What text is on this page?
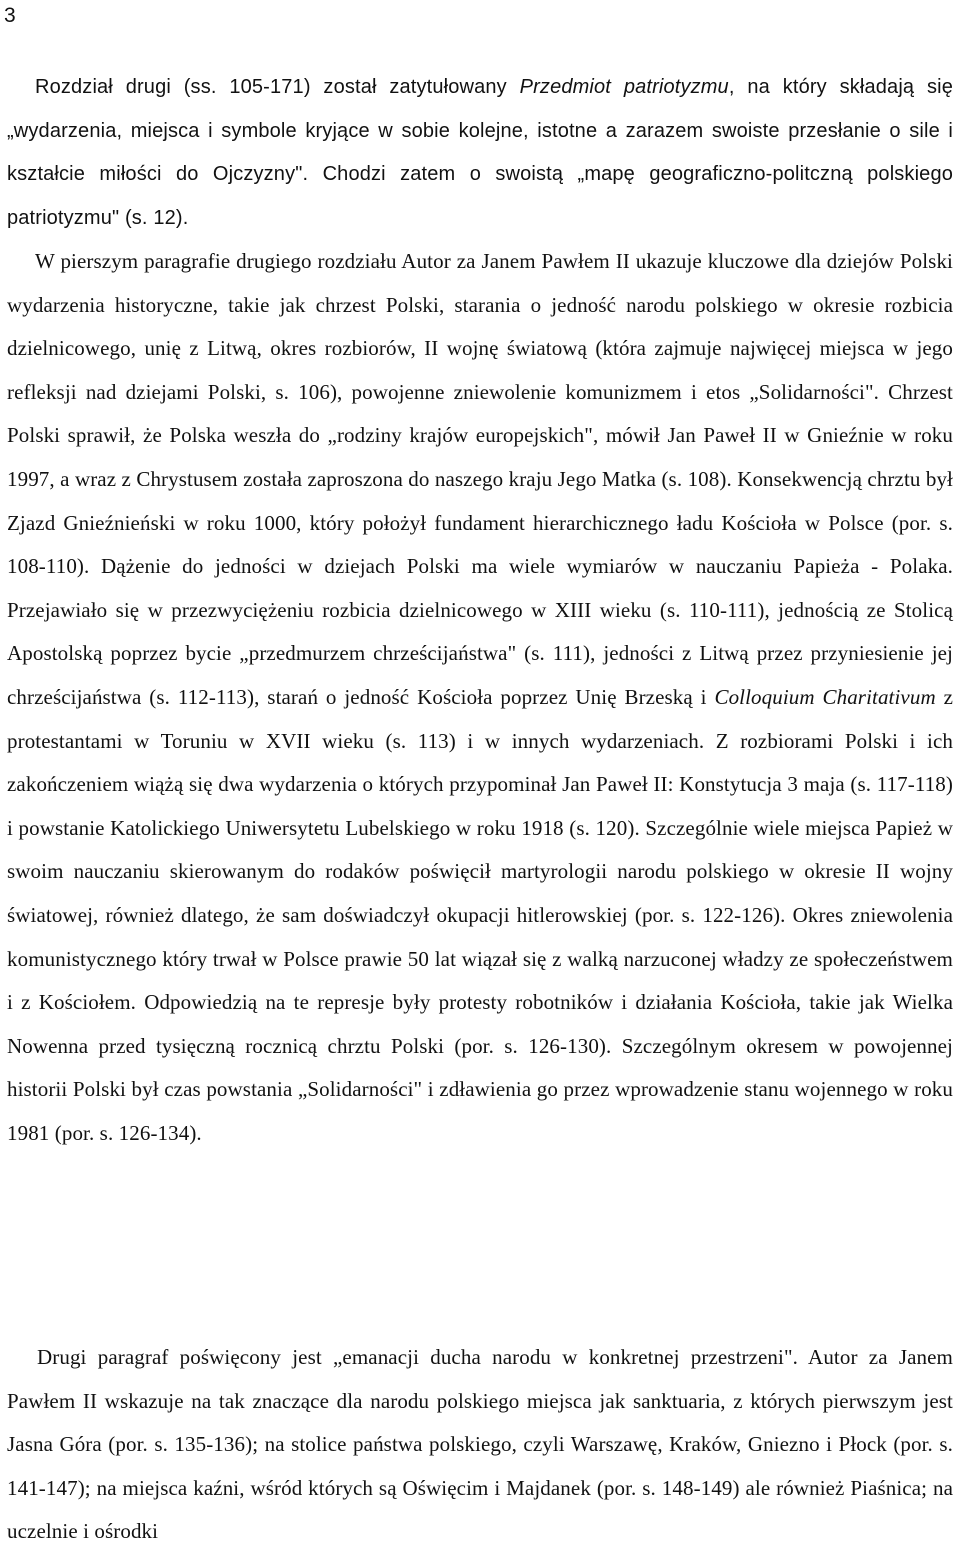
3

Rozdział drugi (ss. 105-171) został zatytułowany Przedmiot patriotyzmu, na który składają się „wydarzenia, miejsca i symbole kryjące w sobie kolejne, istotne a zarazem swoiste przesłanie o sile i kształcie miłości do Ojczyzny". Chodzi zatem o swoistą „mapę geograficzno-politczną polskiego patriotyzmu" (s. 12).

W pierszym paragrafie drugiego rozdziału Autor za Janem Pawłem II ukazuje kluczowe dla dziejów Polski wydarzenia historyczne, takie jak chrzest Polski, starania o jedność narodu polskiego w okresie rozbicia dzielnicowego, unię z Litwą, okres rozbiorów, II wojnę światową (która zajmuje najwięcej miejsca w jego refleksji nad dziejami Polski, s. 106), powojenne zniewolenie komunizmem i etos „Solidarności". Chrzest Polski sprawił, że Polska weszła do „rodziny krajów europejskich", mówił Jan Paweł II w Gnieźnie w roku 1997, a wraz z Chrystusem została zaproszona do naszego kraju Jego Matka (s. 108). Konsekwencją chrztu był Zjazd Gnieźnieński w roku 1000, który położył fundament hierarchicznego ładu Kościoła w Polsce (por. s. 108-110). Dążenie do jedności w dziejach Polski ma wiele wymiarów w nauczaniu Papieża - Polaka. Przejawiało się w przezwyciężeniu rozbicia dzielnicowego w XIII wieku (s. 110-111), jednością ze Stolicą Apostolską poprzez bycie „przedmurzem chrześcijaństwa" (s. 111), jedności z Litwą przez przyniesienie jej chrześcijaństwa (s. 112-113), starań o jedność Kościoła poprzez Unię Brzeską i Colloquium Charitativum z protestantami w Toruniu w XVII wieku (s. 113) i w innych wydarzeniach. Z rozbiorami Polski i ich zakończeniem wiążą się dwa wydarzenia o których przypominał Jan Paweł II: Konstytucja 3 maja (s. 117-118) i powstanie Katolickiego Uniwersytetu Lubelskiego w roku 1918 (s. 120). Szczególnie wiele miejsca Papież w swoim nauczaniu skierowanym do rodaków poświęcił martyrologii narodu polskiego w okresie II wojny światowej, również dlatego, że sam doświadczył okupacji hitlerowskiej (por. s. 122-126). Okres zniewolenia komunistycznego który trwał w Polsce prawie 50 lat wiązał się z walką narzuconej władzy ze społeczeństwem i z Kościołem. Odpowiedzią na te represje były protesty robotników i działania Kościoła, takie jak Wielka Nowenna przed tysięczną rocznicą chrztu Polski (por. s. 126-130). Szczególnym okresem w powojennej historii Polski był czas powstania „Solidarności" i zdławienia go przez wprowadzenie stanu wojennego w roku 1981 (por. s. 126-134).

Drugi paragraf poświęcony jest „emanacji ducha narodu w konkretnej przestrzeni". Autor za Janem Pawłem II wskazuje na tak znaczące dla narodu polskiego miejsca jak sanktuaria, z których pierwszym jest Jasna Góra (por. s. 135-136); na stolice państwa polskiego, czyli Warszawę, Kraków, Gniezno i Płock (por. s. 141-147); na miejsca kaźni, wśród których są Oświęcim i Majdanek (por. s. 148-149) ale również Piaśnica; na uczelnie i ośrodki
